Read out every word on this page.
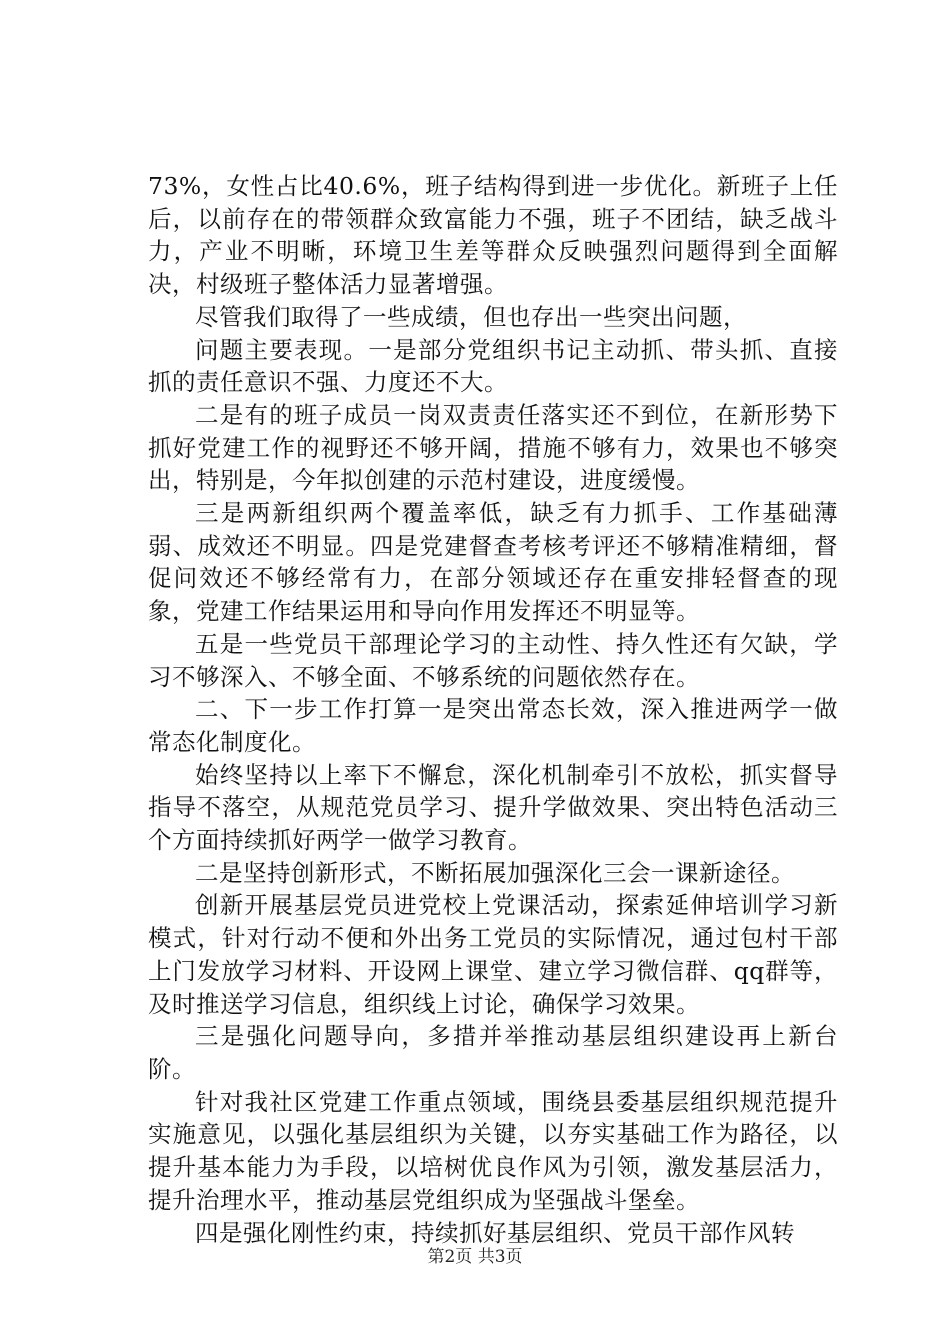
73%，女性占比40.6%，班子结构得到进一步优化。新班子上任后，以前存在的带领群众致富能力不强，班子不团结，缺乏战斗力，产业不明晰，环境卫生差等群众反映强烈问题得到全面解决，村级班子整体活力显著增强。

尽管我们取得了一些成绩，但也存出一些突出问题，

问题主要表现。一是部分党组织书记主动抓、带头抓、直接抓的责任意识不强、力度还不大。

二是有的班子成员一岗双责责任落实还不到位，在新形势下抓好党建工作的视野还不够开阔，措施不够有力，效果也不够突出，特别是，今年拟创建的示范村建设，进度缓慢。

三是两新组织两个覆盖率低，缺乏有力抓手、工作基础薄弱、成效还不明显。四是党建督查考核考评还不够精准精细，督促问效还不够经常有力，在部分领域还存在重安排轻督查的现象，党建工作结果运用和导向作用发挥还不明显等。

五是一些党员干部理论学习的主动性、持久性还有欠缺，学习不够深入、不够全面、不够系统的问题依然存在。

二、下一步工作打算一是突出常态长效，深入推进两学一做常态化制度化。

始终坚持以上率下不懈怠，深化机制牵引不放松，抓实督导指导不落空，从规范党员学习、提升学做效果、突出特色活动三个方面持续抓好两学一做学习教育。

二是坚持创新形式，不断拓展加强深化三会一课新途径。

创新开展基层党员进党校上党课活动，探索延伸培训学习新模式，针对行动不便和外出务工党员的实际情况，通过包村干部上门发放学习材料、开设网上课堂、建立学习微信群、qq群等，及时推送学习信息，组织线上讨论，确保学习效果。

三是强化问题导向，多措并举推动基层组织建设再上新台阶。

针对我社区党建工作重点领域，围绕县委基层组织规范提升实施意见，以强化基层组织为关键，以夯实基础工作为路径，以提升基本能力为手段，以培树优良作风为引领，激发基层活力，提升治理水平，推动基层党组织成为坚强战斗堡垒。

四是强化刚性约束，持续抓好基层组织、党员干部作风转

第2页 共3页
